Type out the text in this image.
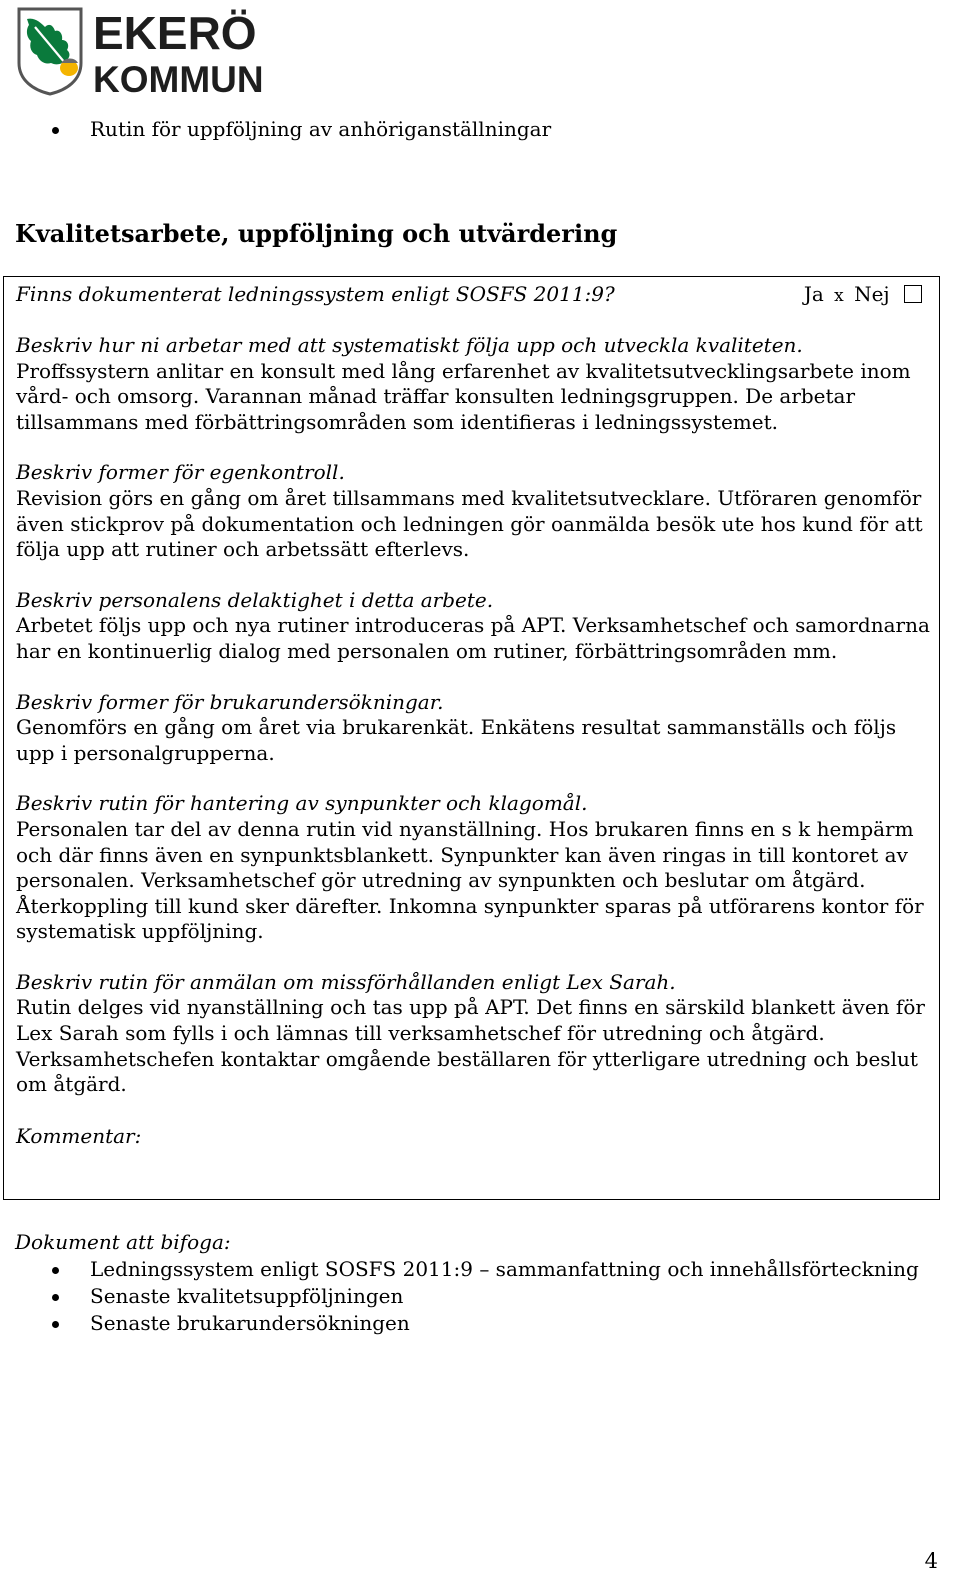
EKERÖ
KOMMUN
Rutin för uppföljning av anhöriganställningar
Kvalitetsarbete, uppföljning och utvärdering
Finns dokumenterat ledningssystem enligt SOSFS 2011:9?	Ja x Nej
Beskriv hur ni arbetar med att systematiskt följa upp och utveckla kvaliteten.
Proffssystern anlitar en konsult med lång erfarenhet av kvalitetsutvecklingsarbete inom vård- och omsorg. Varannan månad träffar konsulten ledningsgruppen. De arbetar tillsammans med förbättringsområden som identifieras i ledningssystemet.
Beskriv former för egenkontroll.
Revision görs en gång om året tillsammans med kvalitetsutvecklare. Utföraren genomför även stickprov på dokumentation och ledningen gör oanmälda besök ute hos kund för att följa upp att rutiner och arbetssätt efterlevs.
Beskriv personalens delaktighet i detta arbete.
Arbetet följs upp och nya rutiner introduceras på APT. Verksamhetschef och samordnarna har en kontinuerlig dialog med personalen om rutiner, förbättringsområden mm.
Beskriv former för brukarundersökningar.
Genomförs en gång om året via brukarenkät. Enkätens resultat sammanställs och följs upp i personalgrupperna.
Beskriv rutin för hantering av synpunkter och klagomål.
Personalen tar del av denna rutin vid nyanställning. Hos brukaren finns en s k hempärm och där finns även en synpunktsblankett. Synpunkter kan även ringas in till kontoret av personalen. Verksamhetschef gör utredning av synpunkten och beslutar om åtgärd. Återkoppling till kund sker därefter. Inkomna synpunkter sparas på utförarens kontor för systematisk uppföljning.
Beskriv rutin för anmälan om missförhållanden enligt Lex Sarah.
Rutin delges vid nyanställning och tas upp på APT. Det finns en särskild blankett även för Lex Sarah som fylls i och lämnas till verksamhetschef för utredning och åtgärd. Verksamhetschefen kontaktar omgående beställaren för ytterligare utredning och beslut om åtgärd.
Kommentar:
Dokument att bifoga:
Ledningssystem enligt SOSFS 2011:9 – sammanfattning och innehållsförteckning
Senaste kvalitetsuppföljningen
Senaste brukarundersökningen
4
